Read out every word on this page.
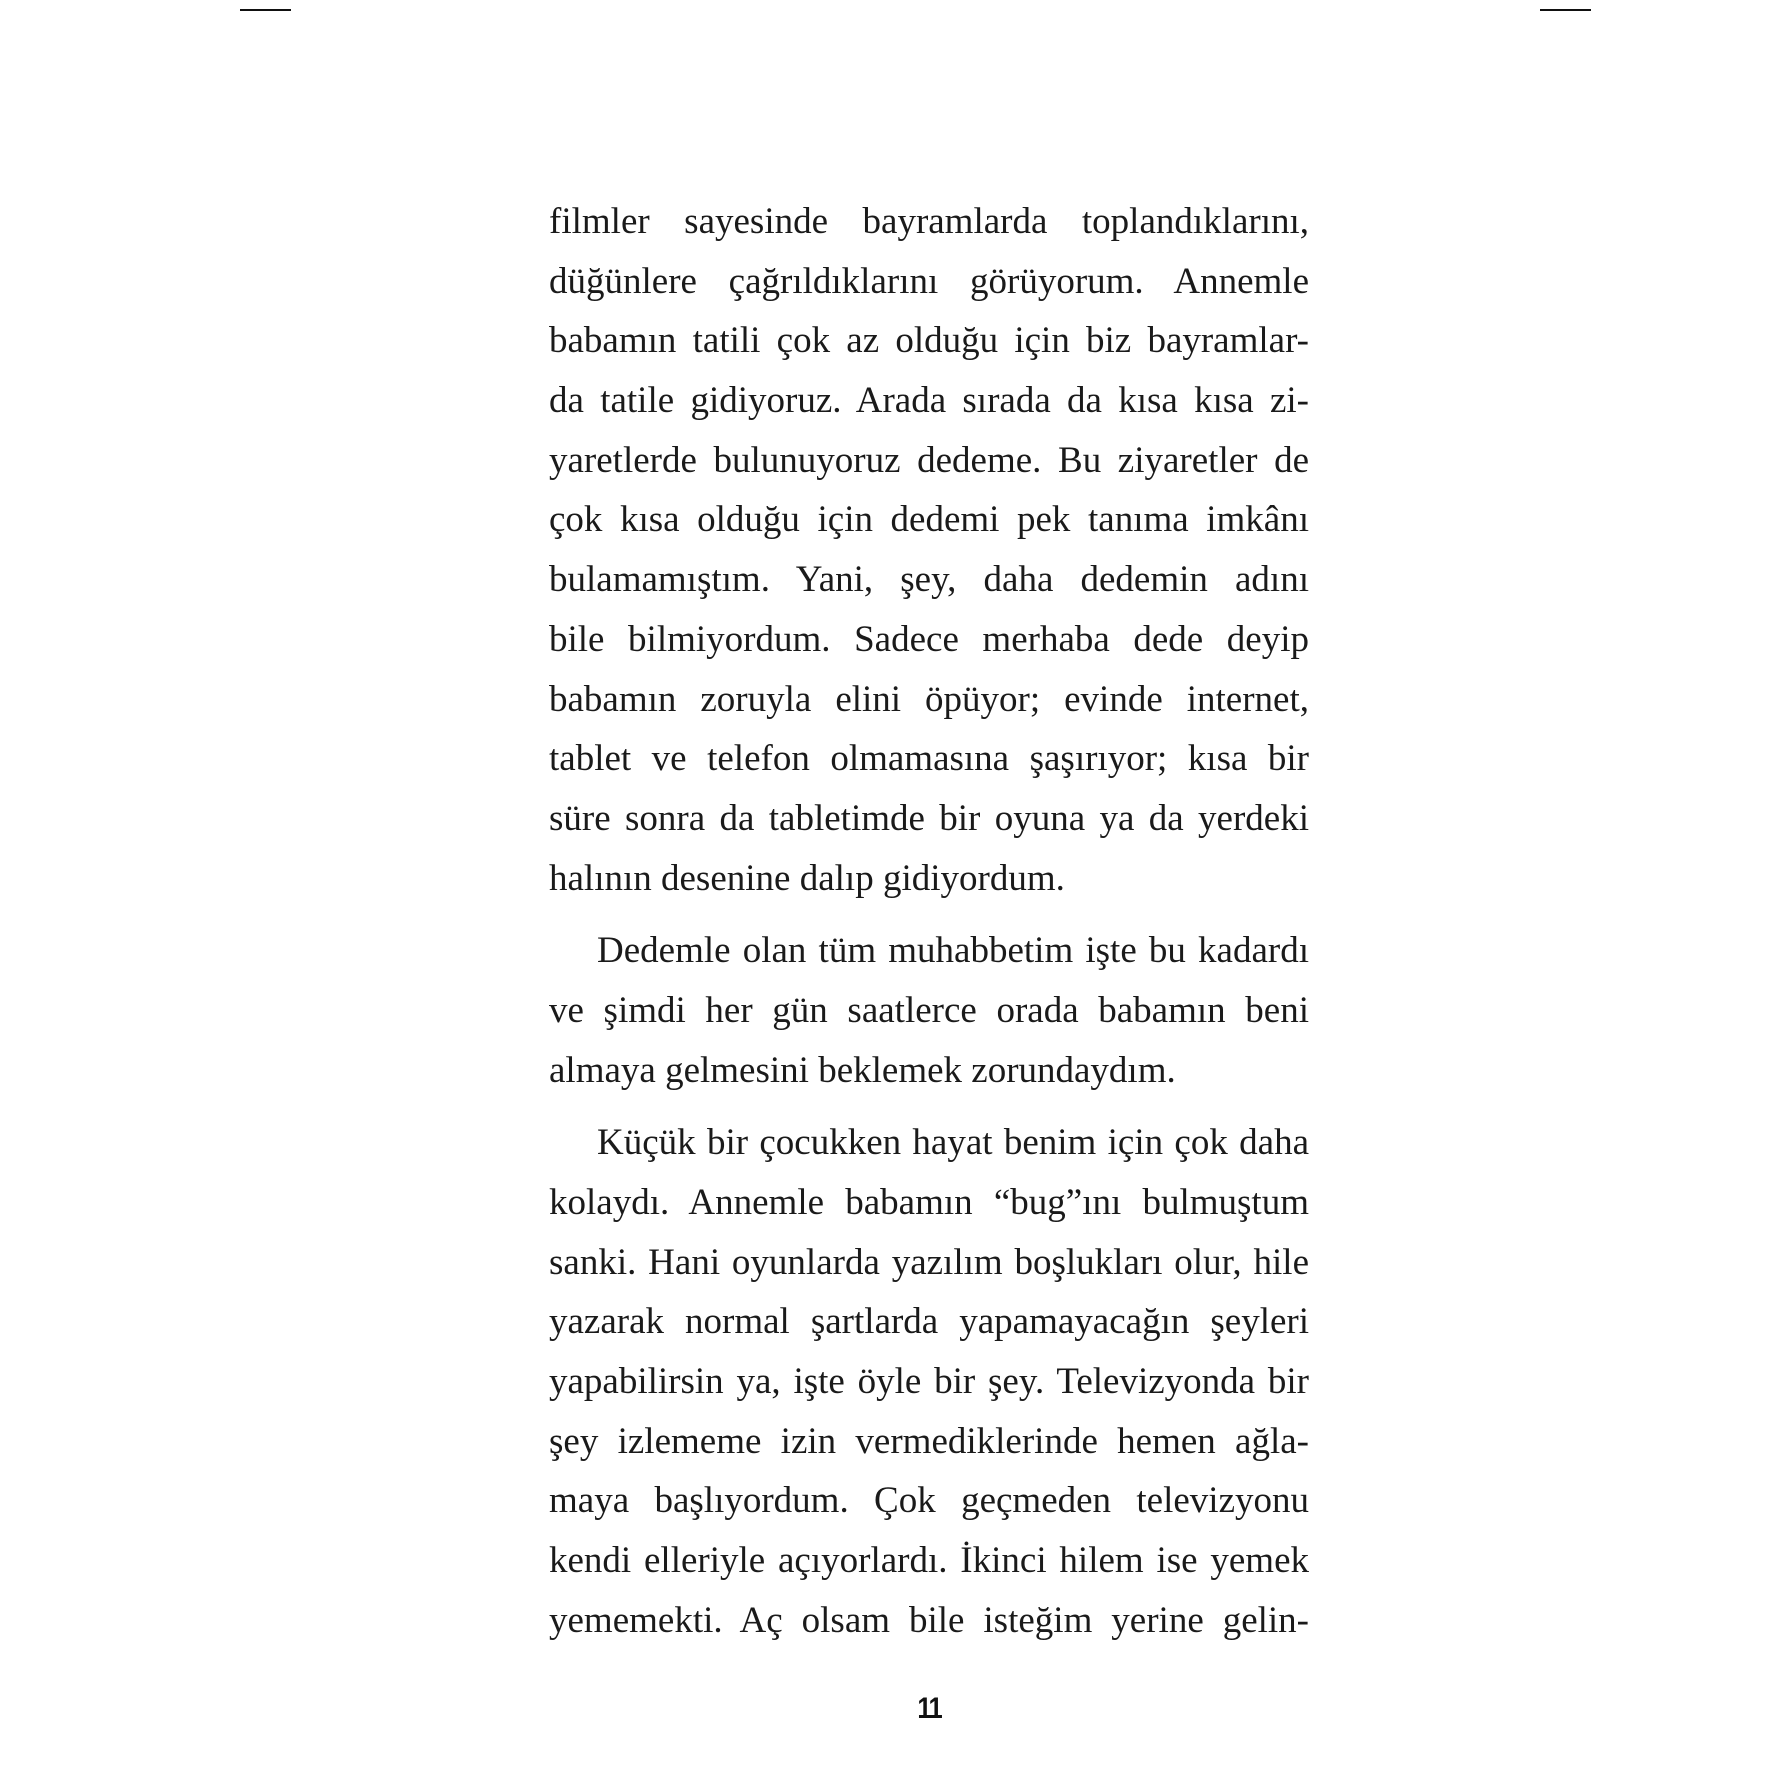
filmler sayesinde bayramlarda toplandıklarını,
düğünlere çağrıldıklarını görüyorum. Annemle
babamın tatili çok az olduğu için biz bayramlar-
da tatile gidiyoruz. Arada sırada da kısa kısa zi-
yaretlerde bulunuyoruz dedeme. Bu ziyaretler de
çok kısa olduğu için dedemi pek tanıma imkânı
bulamamıştım. Yani, şey, daha dedemin adını
bile bilmiyordum. Sadece merhaba dede deyip
babamın zoruyla elini öpüyor; evinde internet,
tablet ve telefon olmamasına şaşırıyor; kısa bir
süre sonra da tabletimde bir oyuna ya da yerdeki
halının desenine dalıp gidiyordum.

Dedemle olan tüm muhabbetim işte bu kadardı
ve şimdi her gün saatlerce orada babamın beni
almaya gelmesini beklemek zorundaydım.

Küçük bir çocukken hayat benim için çok daha
kolaydı. Annemle babamın “bug”ını bulmuştum
sanki. Hani oyunlarda yazılım boşlukları olur, hile
yazarak normal şartlarda yapamayacağın şeyleri
yapabilirsin ya, işte öyle bir şey. Televizyonda bir
şey izlememe izin vermediklerinde hemen ağla-
maya başlıyordum. Çok geçmeden televizyonu
kendi elleriyle açıyorlardı. İkinci hilem ise yemek
yememekti. Aç olsam bile isteğim yerine gelin-

11
